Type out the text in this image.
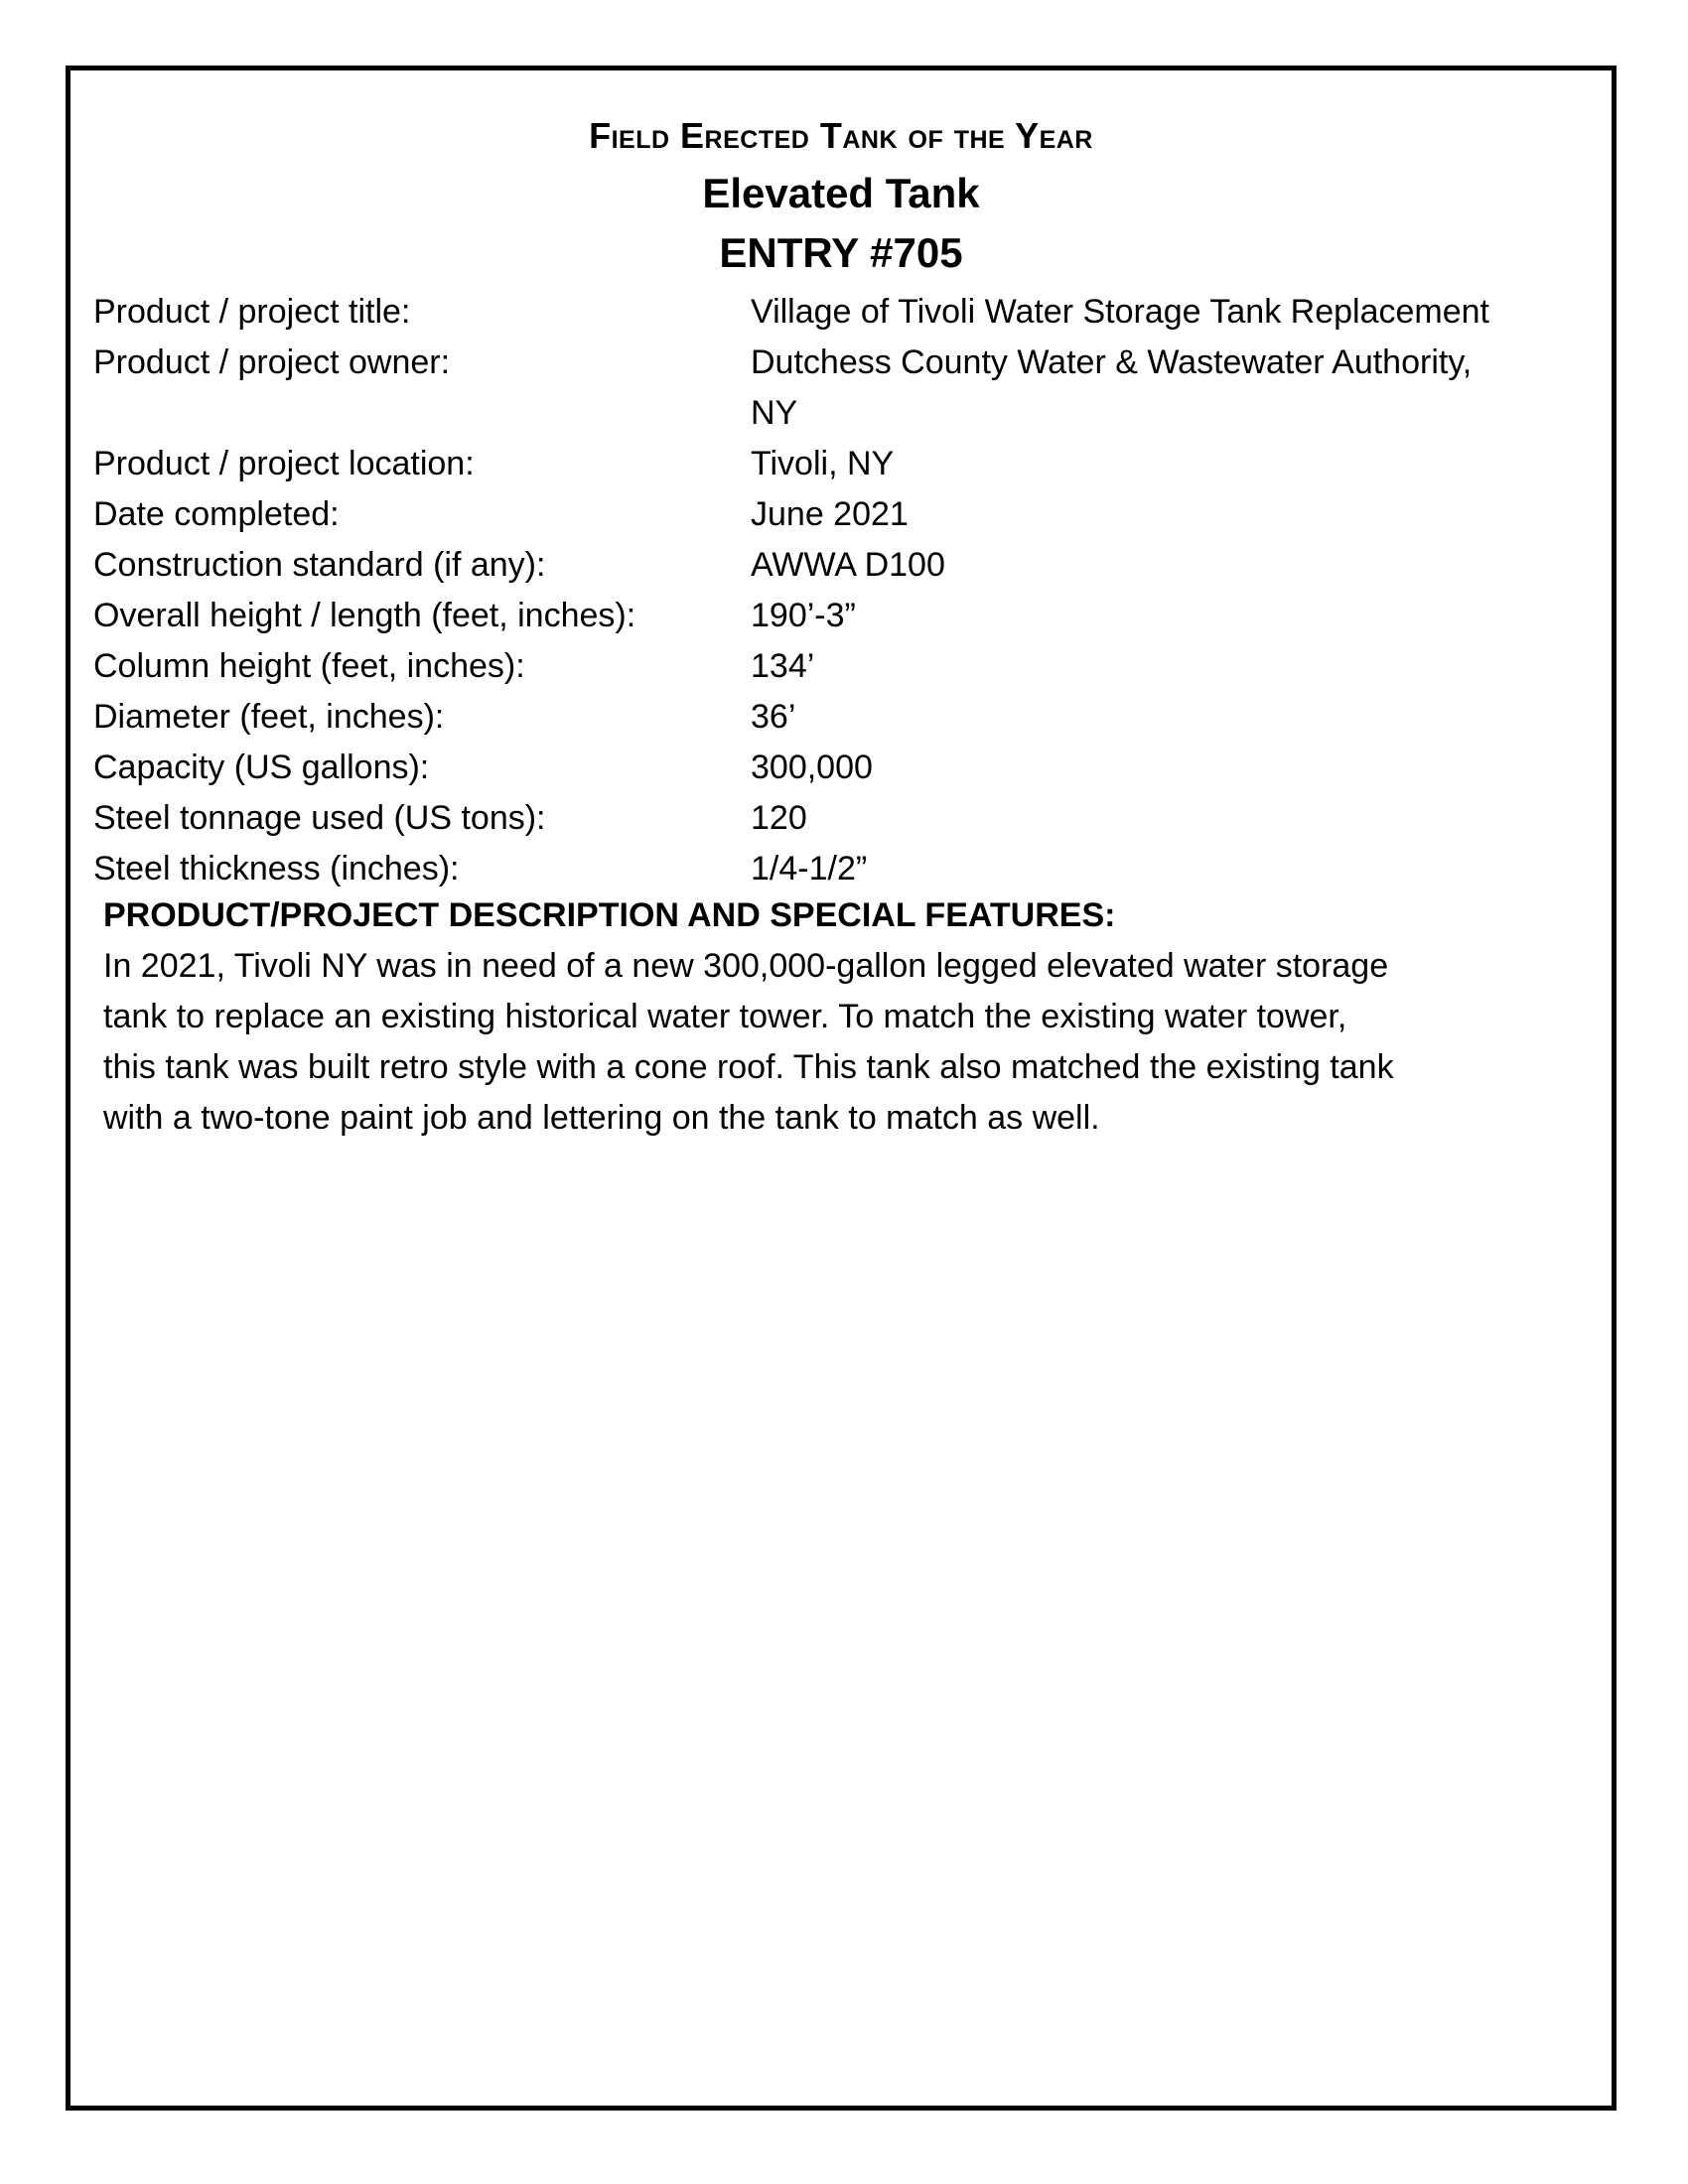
Field Erected Tank of the Year
Elevated Tank
ENTRY #705
Product / project title:	Village of Tivoli Water Storage Tank Replacement
Product / project owner:	Dutchess County Water & Wastewater Authority,
NY
Product / project location:	Tivoli, NY
Date completed:	June 2021
Construction standard (if any):	AWWA D100
Overall height / length (feet, inches):	190’-3”
Column height (feet, inches):	134’
Diameter (feet, inches):	36’
Capacity (US gallons):	300,000
Steel tonnage used (US tons):	120
Steel thickness (inches):	1/4-1/2”
PRODUCT/PROJECT DESCRIPTION AND SPECIAL FEATURES:
In 2021, Tivoli NY was in need of a new 300,000-gallon legged elevated water storage
tank to replace an existing historical water tower. To match the existing water tower,
this tank was built retro style with a cone roof. This tank also matched the existing tank
with a two-tone paint job and lettering on the tank to match as well.
